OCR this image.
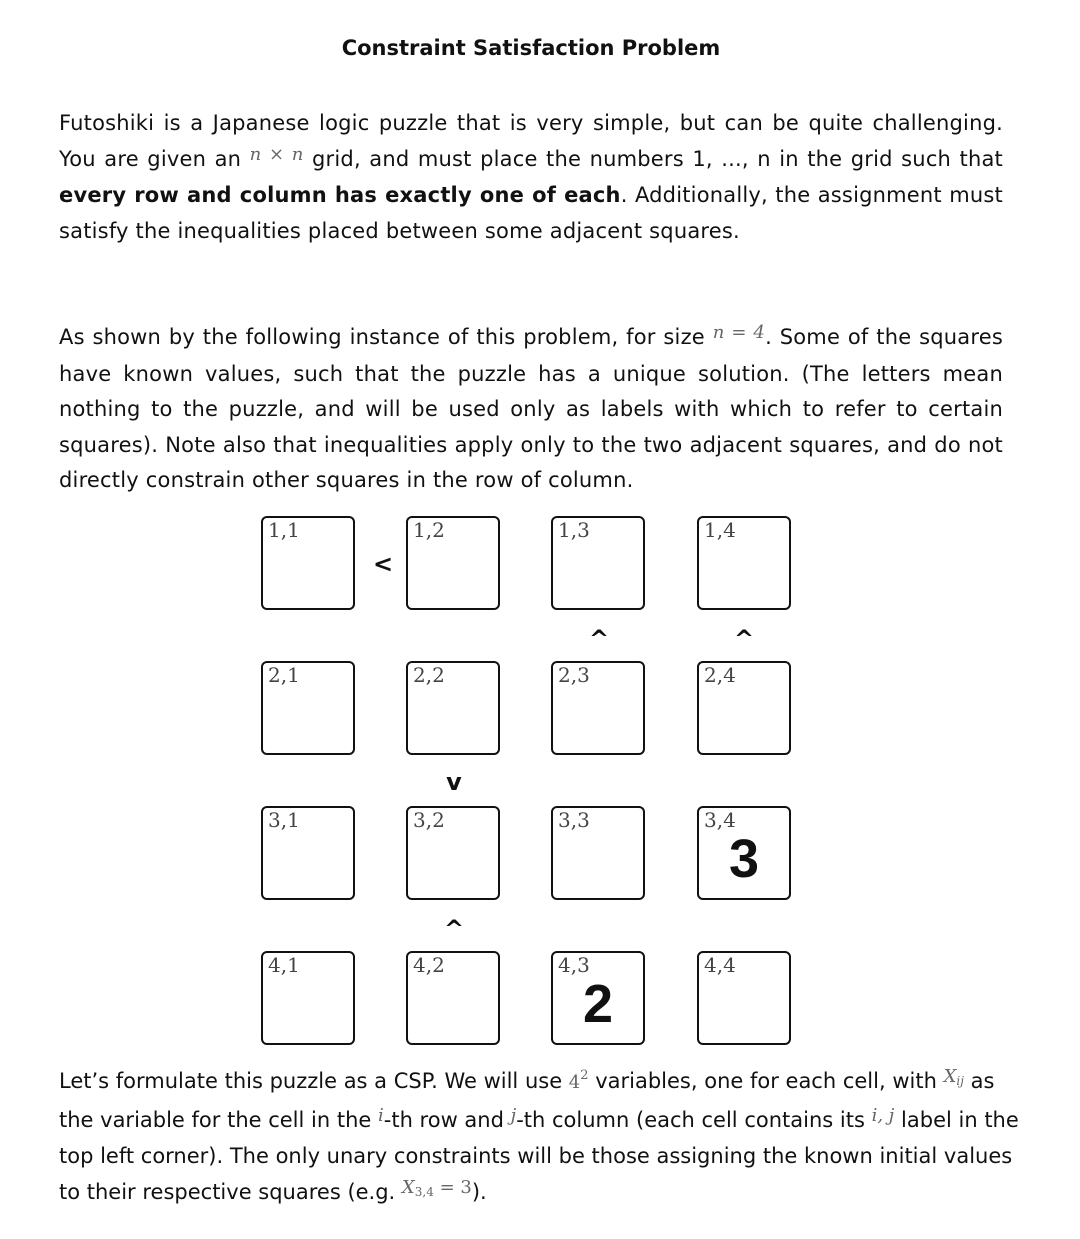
Constraint Satisfaction Problem
Futoshiki is a Japanese logic puzzle that is very simple, but can be quite challenging. You are given an n × n grid, and must place the numbers 1, ..., n in the grid such that every row and column has exactly one of each. Additionally, the assignment must satisfy the inequalities placed between some adjacent squares.
As shown by the following instance of this problem, for size n = 4. Some of the squares have known values, such that the puzzle has a unique solution. (The letters mean nothing to the puzzle, and will be used only as labels with which to refer to certain squares). Note also that inequalities apply only to the two adjacent squares, and do not directly constrain other squares in the row of column.
1,1	1,2	1,3	1,4
2,1	2,2	2,3	2,4
3,1	3,2	3,3	3,4
3
4,1	4,2	4,3
2
4,4
<
^	^
v
^
Let’s formulate this puzzle as a CSP. We will use $4^2$ variables, one for each cell, with Xij as the variable for the cell in the i-th row and j-th column (each cell contains its i, j label in the top left corner). The only unary constraints will be those assigning the known initial values to their respective squares (e.g. X3,4 = 3).
